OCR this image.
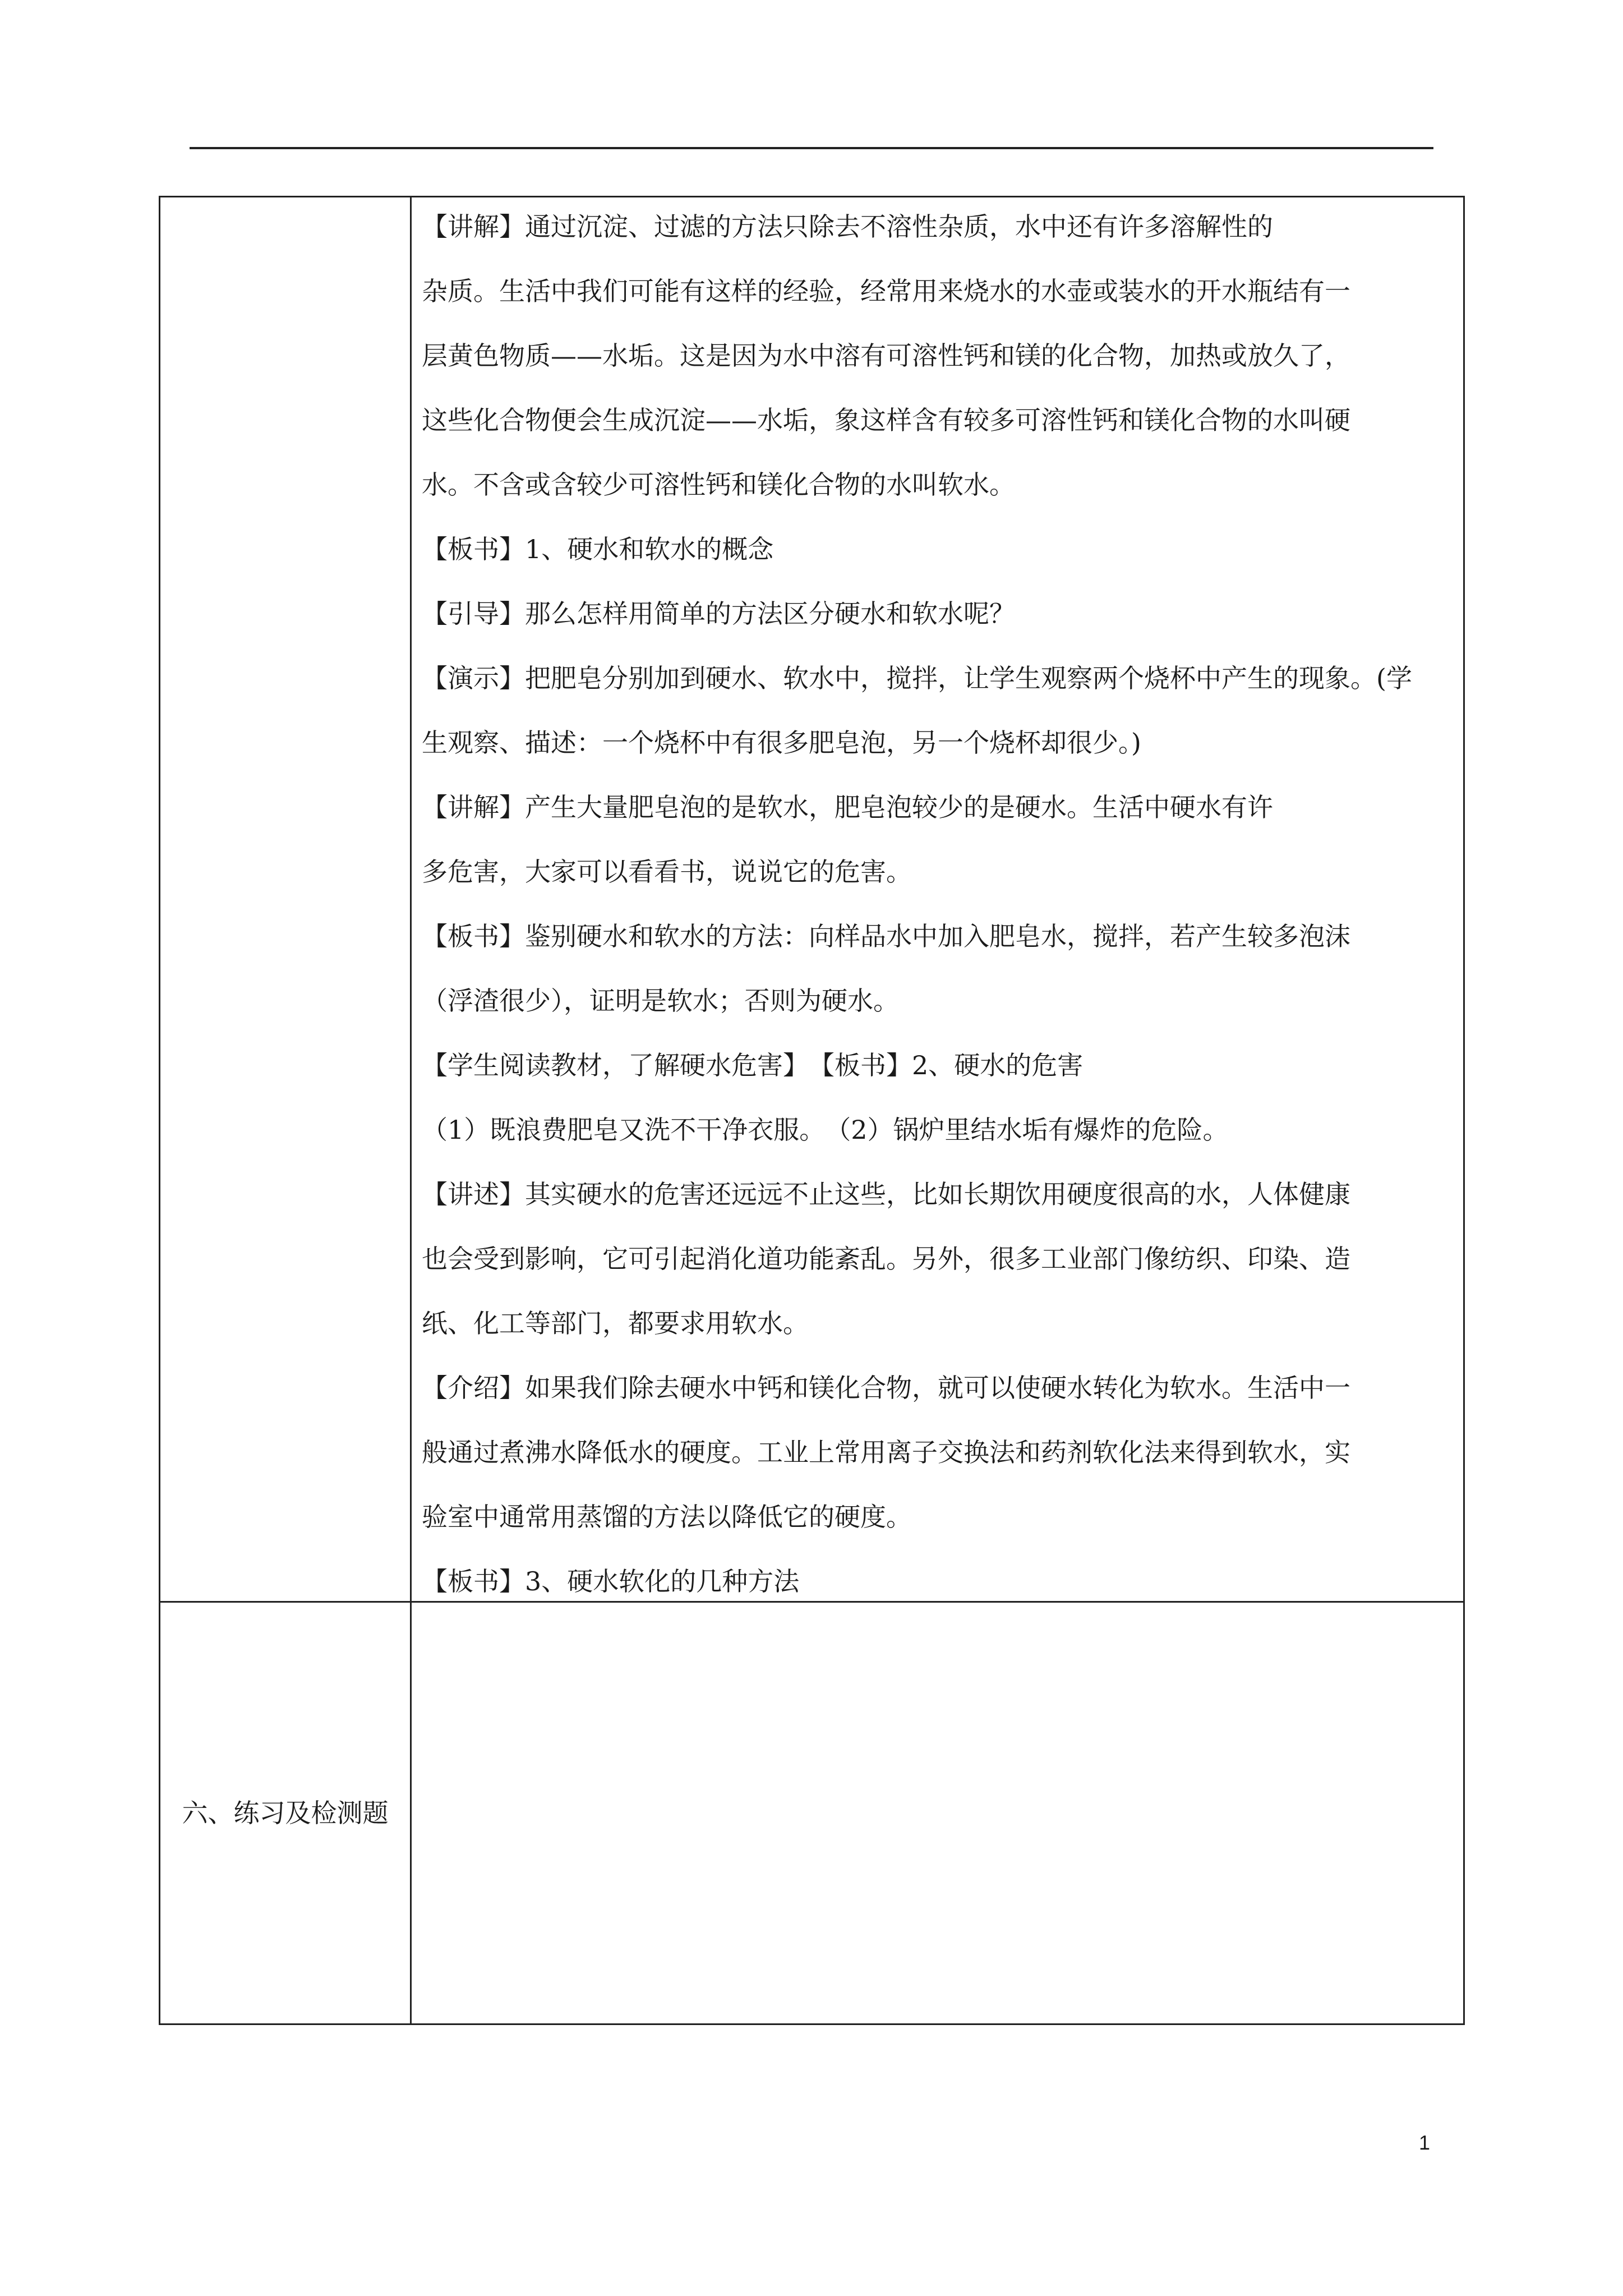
【讲解】通过沉淀、过滤的方法只除去不溶性杂质，水中还有许多溶解性的
杂质。生活中我们可能有这样的经验，经常用来烧水的水壶或装水的开水瓶结有一
层黄色物质——水垢。这是因为水中溶有可溶性钙和镁的化合物，加热或放久了，
这些化合物便会生成沉淀——水垢，象这样含有较多可溶性钙和镁化合物的水叫硬
水。不含或含较少可溶性钙和镁化合物的水叫软水。
【板书】1、硬水和软水的概念
【引导】那么怎样用简单的方法区分硬水和软水呢？
【演示】把肥皂分别加到硬水、软水中，搅拌，让学生观察两个烧杯中产生的现象。(学
生观察、描述：一个烧杯中有很多肥皂泡，另一个烧杯却很少。)
【讲解】产生大量肥皂泡的是软水，肥皂泡较少的是硬水。生活中硬水有许
多危害，大家可以看看书，说说它的危害。
【板书】鉴别硬水和软水的方法：向样品水中加入肥皂水，搅拌，若产生较多泡沫
（浮渣很少），证明是软水；否则为硬水。
【学生阅读教材，了解硬水危害】　【板书】2、硬水的危害
（1）既浪费肥皂又洗不干净衣服。　（2）锅炉里结水垢有爆炸的危险。
【讲述】其实硬水的危害还远远不止这些，比如长期饮用硬度很高的水，人体健康
也会受到影响，它可引起消化道功能紊乱。另外，很多工业部门像纺织、印染、造
纸、化工等部门，都要求用软水。
【介绍】如果我们除去硬水中钙和镁化合物，就可以使硬水转化为软水。生活中一
般通过煮沸水降低水的硬度。工业上常用离子交换法和药剂软化法来得到软水，实
验室中通常用蒸馏的方法以降低它的硬度。
【板书】3、硬水软化的几种方法
六、练习及检测题
1
